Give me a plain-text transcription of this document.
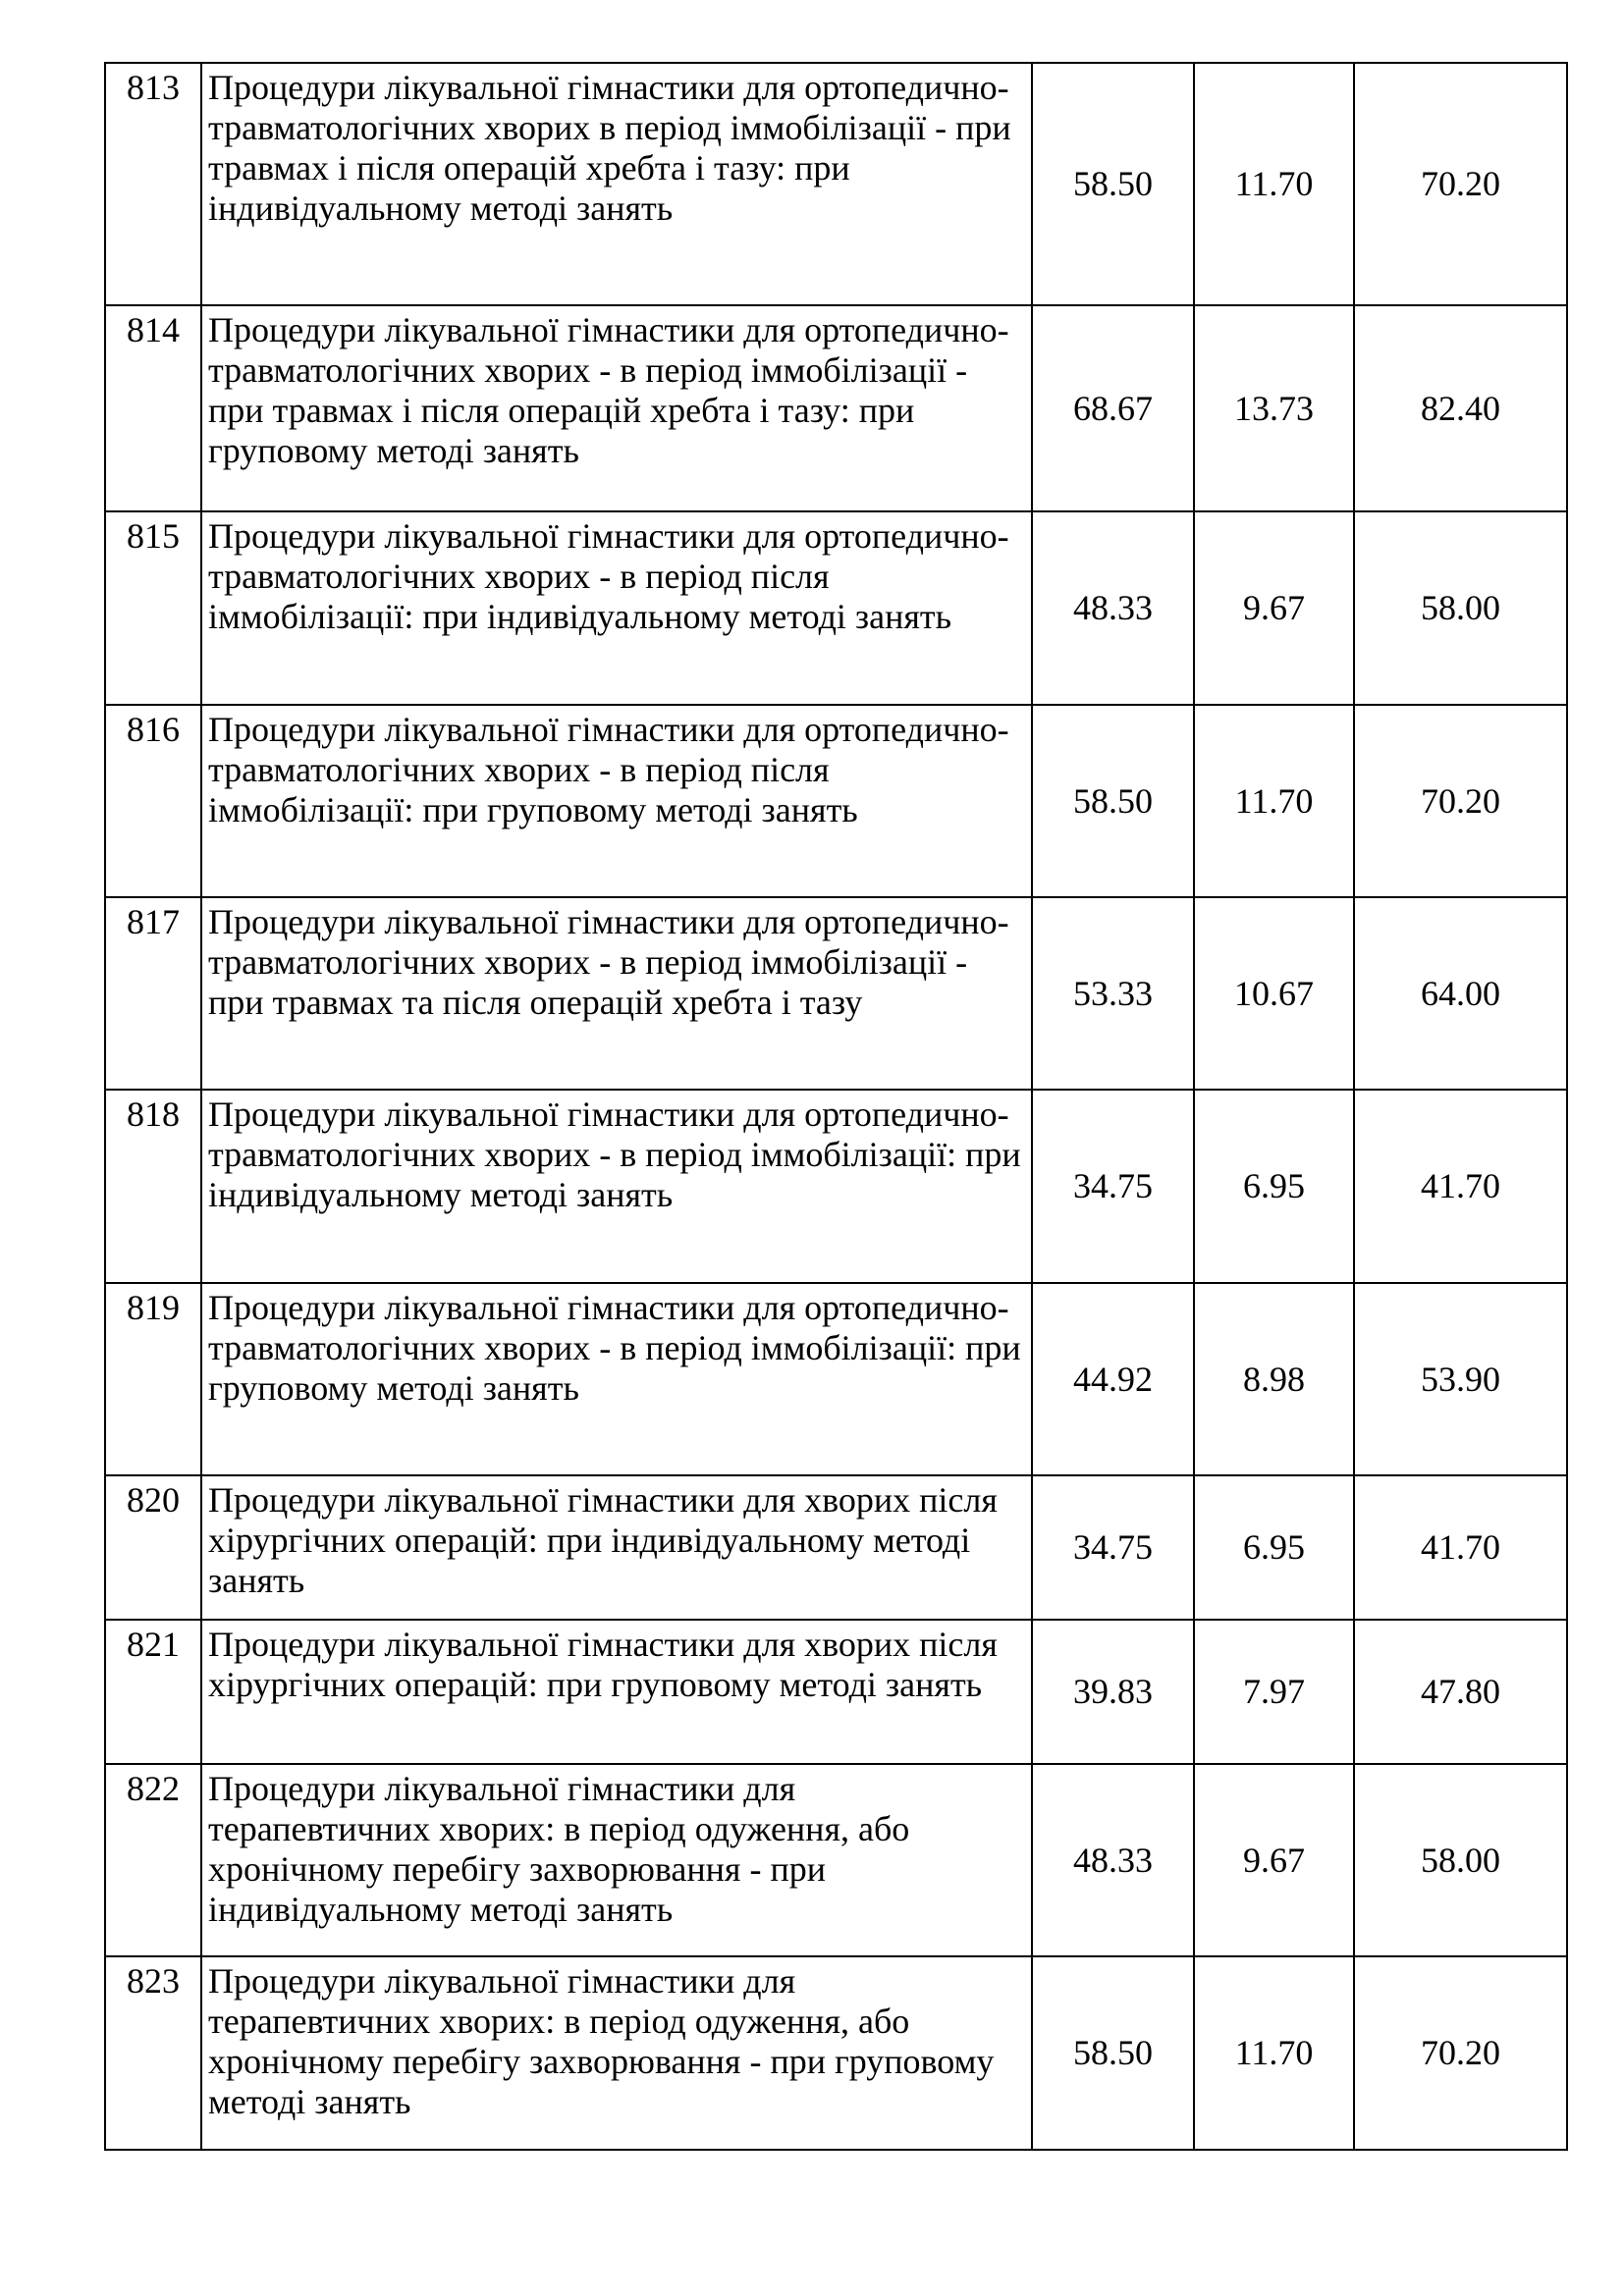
813	Процедури лікувальної гімнастики для ортопедично-травматологічних хворих в період іммобілізації - при травмах і після операцій хребта і тазу: при індивідуальному методі занять	58.50	11.70	70.20
814	Процедури лікувальної гімнастики для ортопедично-травматологічних хворих - в період іммобілізації - при травмах і після операцій хребта і тазу: при груповому методі занять	68.67	13.73	82.40
815	Процедури лікувальної гімнастики для ортопедично-травматологічних хворих - в період після іммобілізації: при індивідуальному методі занять	48.33	9.67	58.00
816	Процедури лікувальної гімнастики для ортопедично-травматологічних хворих - в період після іммобілізації: при груповому методі занять	58.50	11.70	70.20
817	Процедури лікувальної гімнастики для ортопедично-травматологічних хворих - в період іммобілізації - при травмах та після операцій хребта і тазу	53.33	10.67	64.00
818	Процедури лікувальної гімнастики для ортопедично-травматологічних хворих - в період іммобілізації: при індивідуальному методі занять	34.75	6.95	41.70
819	Процедури лікувальної гімнастики для ортопедично-травматологічних хворих - в період іммобілізації: при груповому методі занять	44.92	8.98	53.90
820	Процедури лікувальної гімнастики для хворих після хірургічних операцій: при індивідуальному методі занять	34.75	6.95	41.70
821	Процедури лікувальної гімнастики для хворих після хірургічних операцій: при груповому методі занять	39.83	7.97	47.80
822	Процедури лікувальної гімнастики для терапевтичних хворих: в період одуження, або хронічному перебігу захворювання - при індивідуальному методі занять	48.33	9.67	58.00
823	Процедури лікувальної гімнастики для терапевтичних хворих: в період одуження, або хронічному перебігу захворювання - при груповому методі занять	58.50	11.70	70.20
